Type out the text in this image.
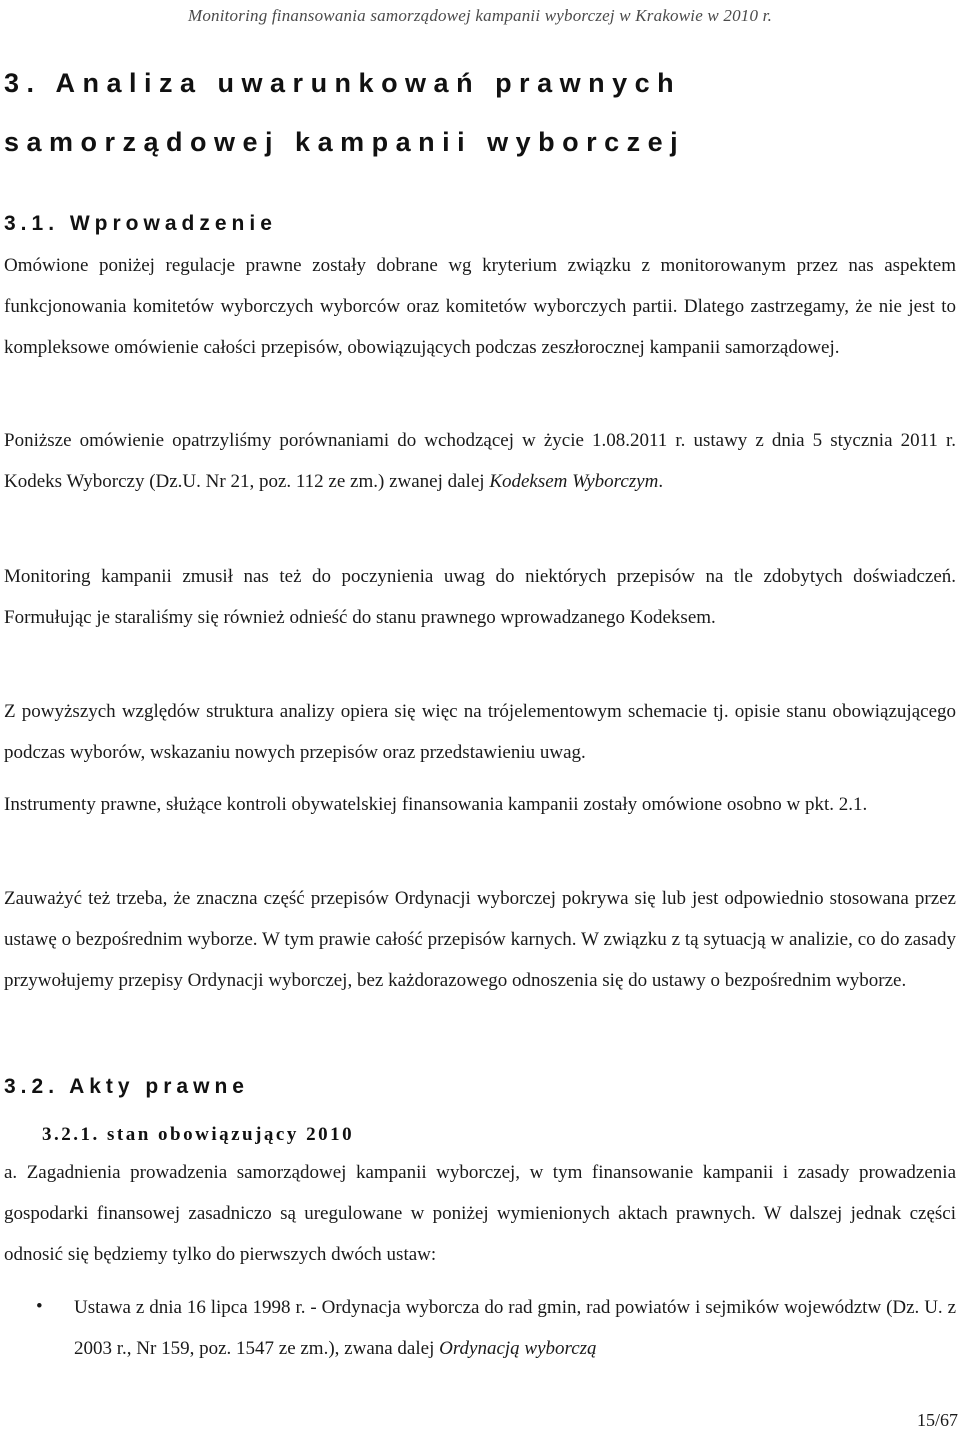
Monitoring finansowania samorządowej kampanii wyborczej w Krakowie w 2010 r.
3. Analiza uwarunkowań prawnych
samorządowej kampanii wyborczej
3.1. Wprowadzenie

Omówione poniżej regulacje prawne zostały dobrane wg kryterium związku z monitorowanym przez nas aspektem funkcjonowania komitetów wyborczych wyborców oraz komitetów wyborczych partii. Dlatego zastrzegamy, że nie jest to kompleksowe omówienie całości przepisów, obowiązujących podczas zeszłorocznej kampanii samorządowej.

Poniższe omówienie opatrzyliśmy porównaniami do wchodzącej w życie 1.08.2011 r. ustawy z dnia 5 stycznia 2011 r. Kodeks Wyborczy (Dz.U. Nr 21, poz. 112 ze zm.) zwanej dalej Kodeksem Wyborczym.

Monitoring kampanii zmusił nas też do poczynienia uwag do niektórych przepisów na tle zdobytych doświadczeń. Formułując je staraliśmy się również odnieść do stanu prawnego wprowadzanego Kodeksem.

Z powyższych względów struktura analizy opiera się więc na trójelementowym schemacie tj. opisie stanu obowiązującego podczas wyborów, wskazaniu nowych przepisów oraz przedstawieniu uwag.

Instrumenty prawne, służące kontroli obywatelskiej finansowania kampanii zostały omówione osobno w pkt. 2.1.

Zauważyć też trzeba, że znaczna część przepisów Ordynacji wyborczej pokrywa się lub jest odpowiednio stosowana przez ustawę o bezpośrednim wyborze. W tym prawie całość przepisów karnych. W związku z tą sytuacją w analizie, co do zasady przywołujemy przepisy Ordynacji wyborczej, bez każdorazowego odnoszenia się do ustawy o bezpośrednim wyborze.

3.2. Akty prawne
3.2.1. stan obowiązujący 2010

a. Zagadnienia prowadzenia samorządowej kampanii wyborczej, w tym finansowanie kampanii i zasady prowadzenia gospodarki finansowej zasadniczo są uregulowane w poniżej wymienionych aktach prawnych. W dalszej jednak części odnosić się będziemy tylko do pierwszych dwóch ustaw:

• Ustawa z dnia 16 lipca 1998 r. - Ordynacja wyborcza do rad gmin, rad powiatów i sejmików województw (Dz. U. z 2003 r., Nr 159, poz. 1547 ze zm.), zwana dalej Ordynacją wyborczą

15/67
